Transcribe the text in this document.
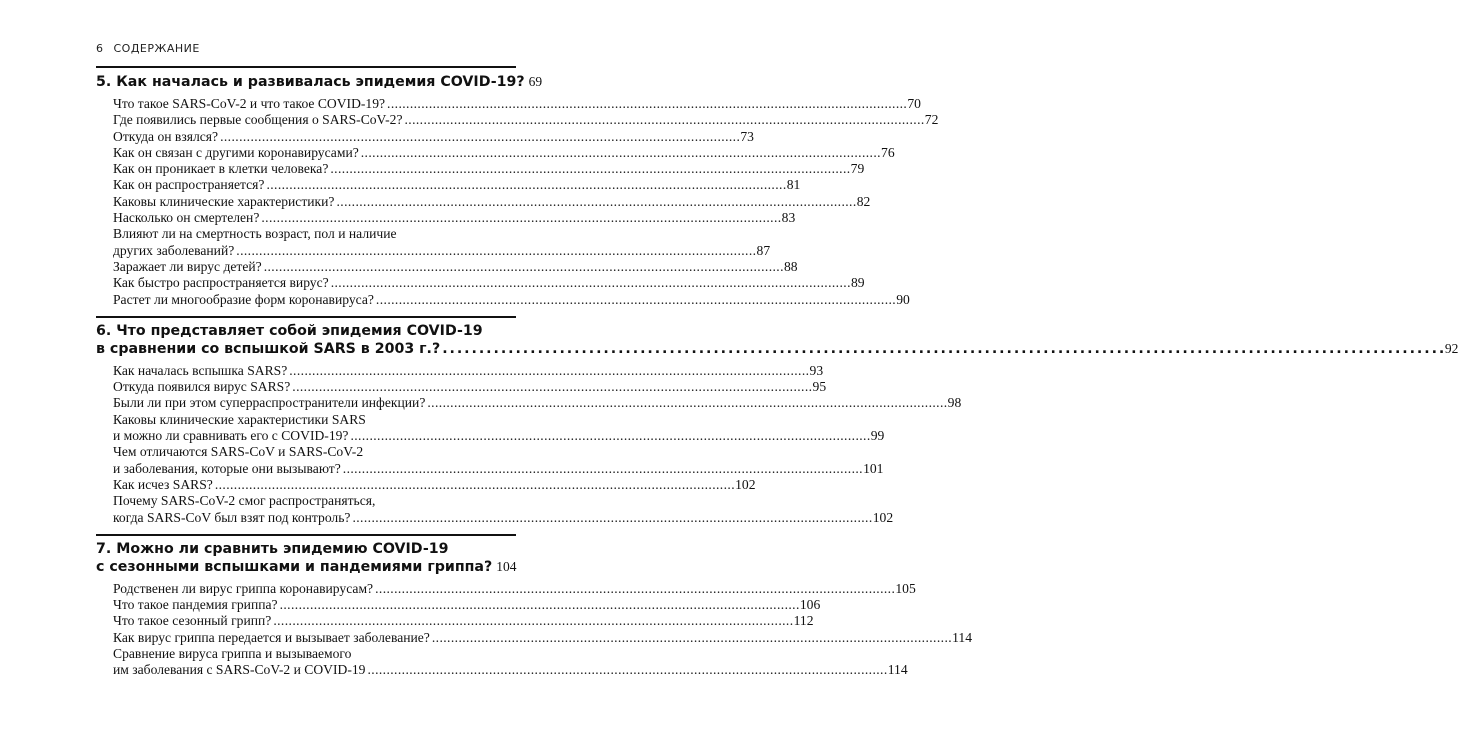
6 СОДЕРЖАНИЕ
5. Как началась и развивалась эпидемия COVID-19? 69
Что такое SARS-CoV-2 и что такое COVID-19? . . .	70
Где появились первые сообщения о SARS-CoV-2? . . .	72
Откуда он взялся? . . .	73
Как он связан с другими коронавирусами? . . .	76
Как он проникает в клетки человека? . . .	79
Как он распространяется? . . .	81
Каковы клинические характеристики? . . .	82
Насколько он смертелен? . . .	83
Влияют ли на смертность возраст, пол и наличие
других заболеваний? . . .	87
Заражает ли вирус детей? . . .	88
Как быстро распространяется вирус? . . .	89
Растет ли многообразие форм коронавируса? . . .	90
6. Что представляет собой эпидемия COVID-19
в сравнении со вспышкой SARS в 2003 г.? . . .	92
Как началась вспышка SARS? . . .	93
Откуда появился вирус SARS? . . .	95
Были ли при этом суперраспространители инфекции? . . .	98
Каковы клинические характеристики SARS
и можно ли сравнивать его с COVID-19? . . .	99
Чем отличаются SARS-CoV и SARS-CoV-2
и заболевания, которые они вызывают? . . .	101
Как исчез SARS? . . .	102
Почему SARS-CoV-2 смог распространяться,
когда SARS-CoV был взят под контроль? . . .	102
7. Можно ли сравнить эпидемию COVID-19
с сезонными вспышками и пандемиями гриппа? 104
Родственен ли вирус гриппа коронавирусам? . . .	105
Что такое пандемия гриппа? . . .	106
Что такое сезонный грипп? . . .	112
Как вирус гриппа передается и вызывает заболевание? . . .	114
Сравнение вируса гриппа и вызываемого
им заболевания с SARS-CoV-2 и COVID-19 . . .	114
